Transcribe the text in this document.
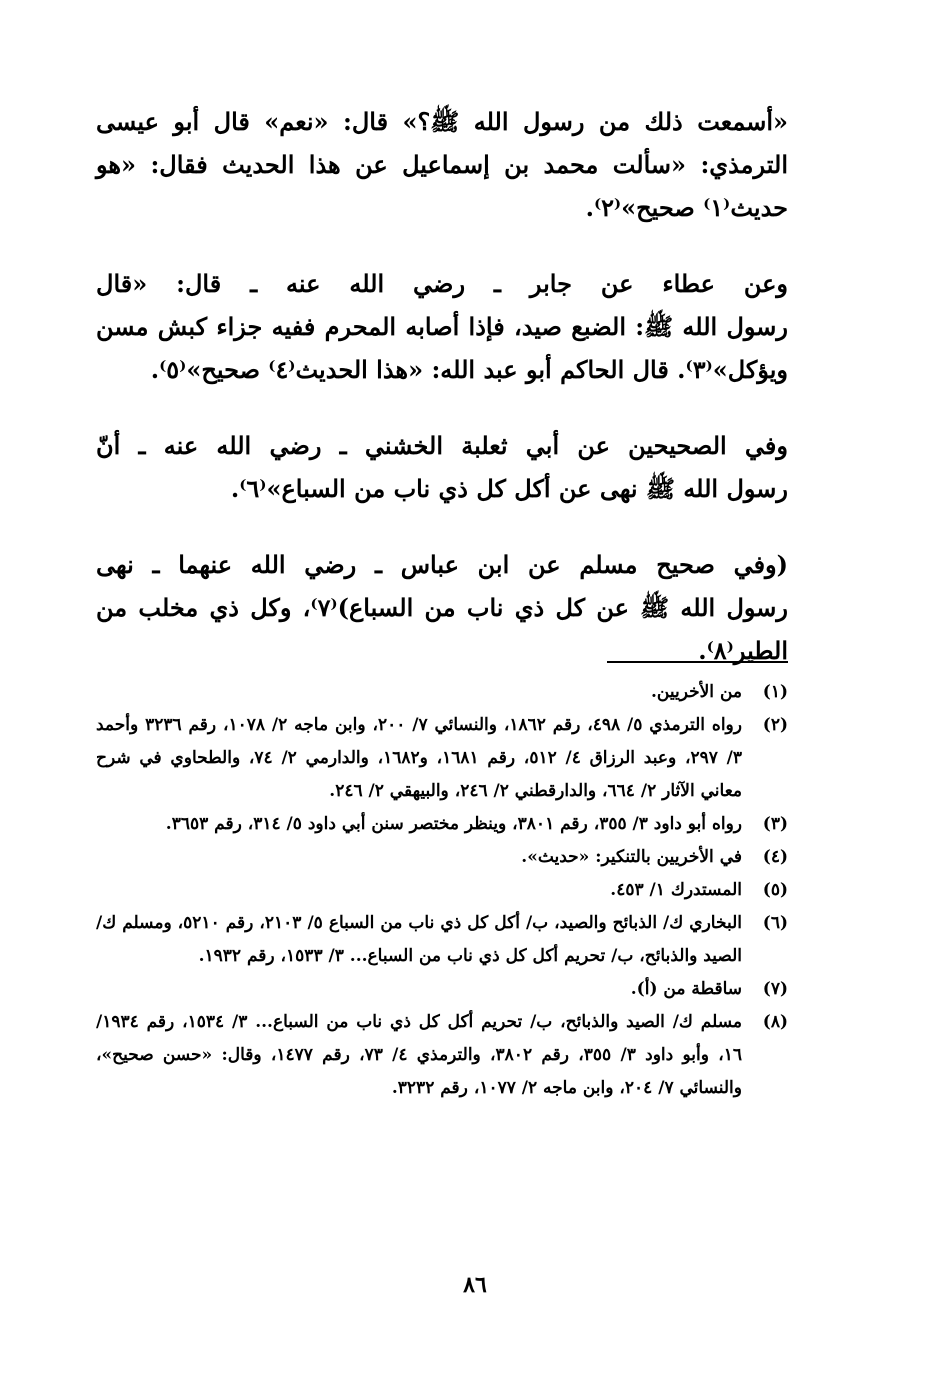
«أسمعت ذلك من رسول الله ﷺ؟» قال: «نعم» قال أبو عيسى
الترمذي: «سألت محمد بن إسماعيل عن هذا الحديث فقال: «هو
حديث⁽١⁾ صحيح»⁽٢⁾.

وعن عطاء عن جابر ـ رضي الله عنه ـ قال: «قال
رسول الله ﷺ: الضبع صيد، فإذا أصابه المحرم ففيه جزاء كبش مسن
ويؤكل»⁽٣⁾. قال الحاكم أبو عبد الله: «هذا الحديث⁽٤⁾ صحيح»⁽٥⁾.

وفي الصحيحين عن أبي ثعلبة الخشني ـ رضي الله عنه ـ أنّ
رسول الله ﷺ نهى عن أكل كل ذي ناب من السباع»⁽٦⁾.

(وفي صحيح مسلم عن ابن عباس ـ رضي الله عنهما ـ نهى
رسول الله ﷺ عن كل ذي ناب من السباع)⁽٧⁾، وكل ذي مخلب من
الطير⁽٨⁾.

(١)
من الأخريين.
(٢)
رواه الترمذي ٥/ ٤٩٨، رقم ١٨٦٢، والنسائي ٧/ ٢٠٠، وابن ماجه ٢/ ١٠٧٨، رقم ٣٢٣٦ وأحمد ٣/ ٢٩٧، وعبد الرزاق ٤/ ٥١٢، رقم ١٦٨١، و١٦٨٢، والدارمي ٢/ ٧٤، والطحاوي في شرح معاني الآثار ٢/ ٦٦٤، والدارقطني ٢/ ٢٤٦، والبيهقي ٢/ ٢٤٦.
(٣)
رواه أبو داود ٣/ ٣٥٥، رقم ٣٨٠١، وينظر مختصر سنن أبي داود ٥/ ٣١٤، رقم ٣٦٥٣.
(٤)
في الأخريين بالتنكير: «حديث».
(٥)
المستدرك ١/ ٤٥٣.
(٦)
البخاري ك/ الذبائح والصيد، ب/ أكل كل ذي ناب من السباع ٥/ ٢١٠٣، رقم ٥٢١٠، ومسلم ك/ الصيد والذبائح، ب/ تحريم أكل كل ذي ناب من السباع... ٣/ ١٥٣٣، رقم ١٩٣٢.
(٧)
ساقطة من (أ).
(٨)
مسلم ك/ الصيد والذبائح، ب/ تحريم أكل كل ذي ناب من السباع... ٣/ ١٥٣٤، رقم ١٩٣٤/ ١٦، وأبو داود ٣/ ٣٥٥، رقم ٣٨٠٢، والترمذي ٤/ ٧٣، رقم ١٤٧٧، وقال: «حسن صحيح»، والنسائي ٧/ ٢٠٤، وابن ماجه ٢/ ١٠٧٧، رقم ٣٢٣٢.
٨٦
